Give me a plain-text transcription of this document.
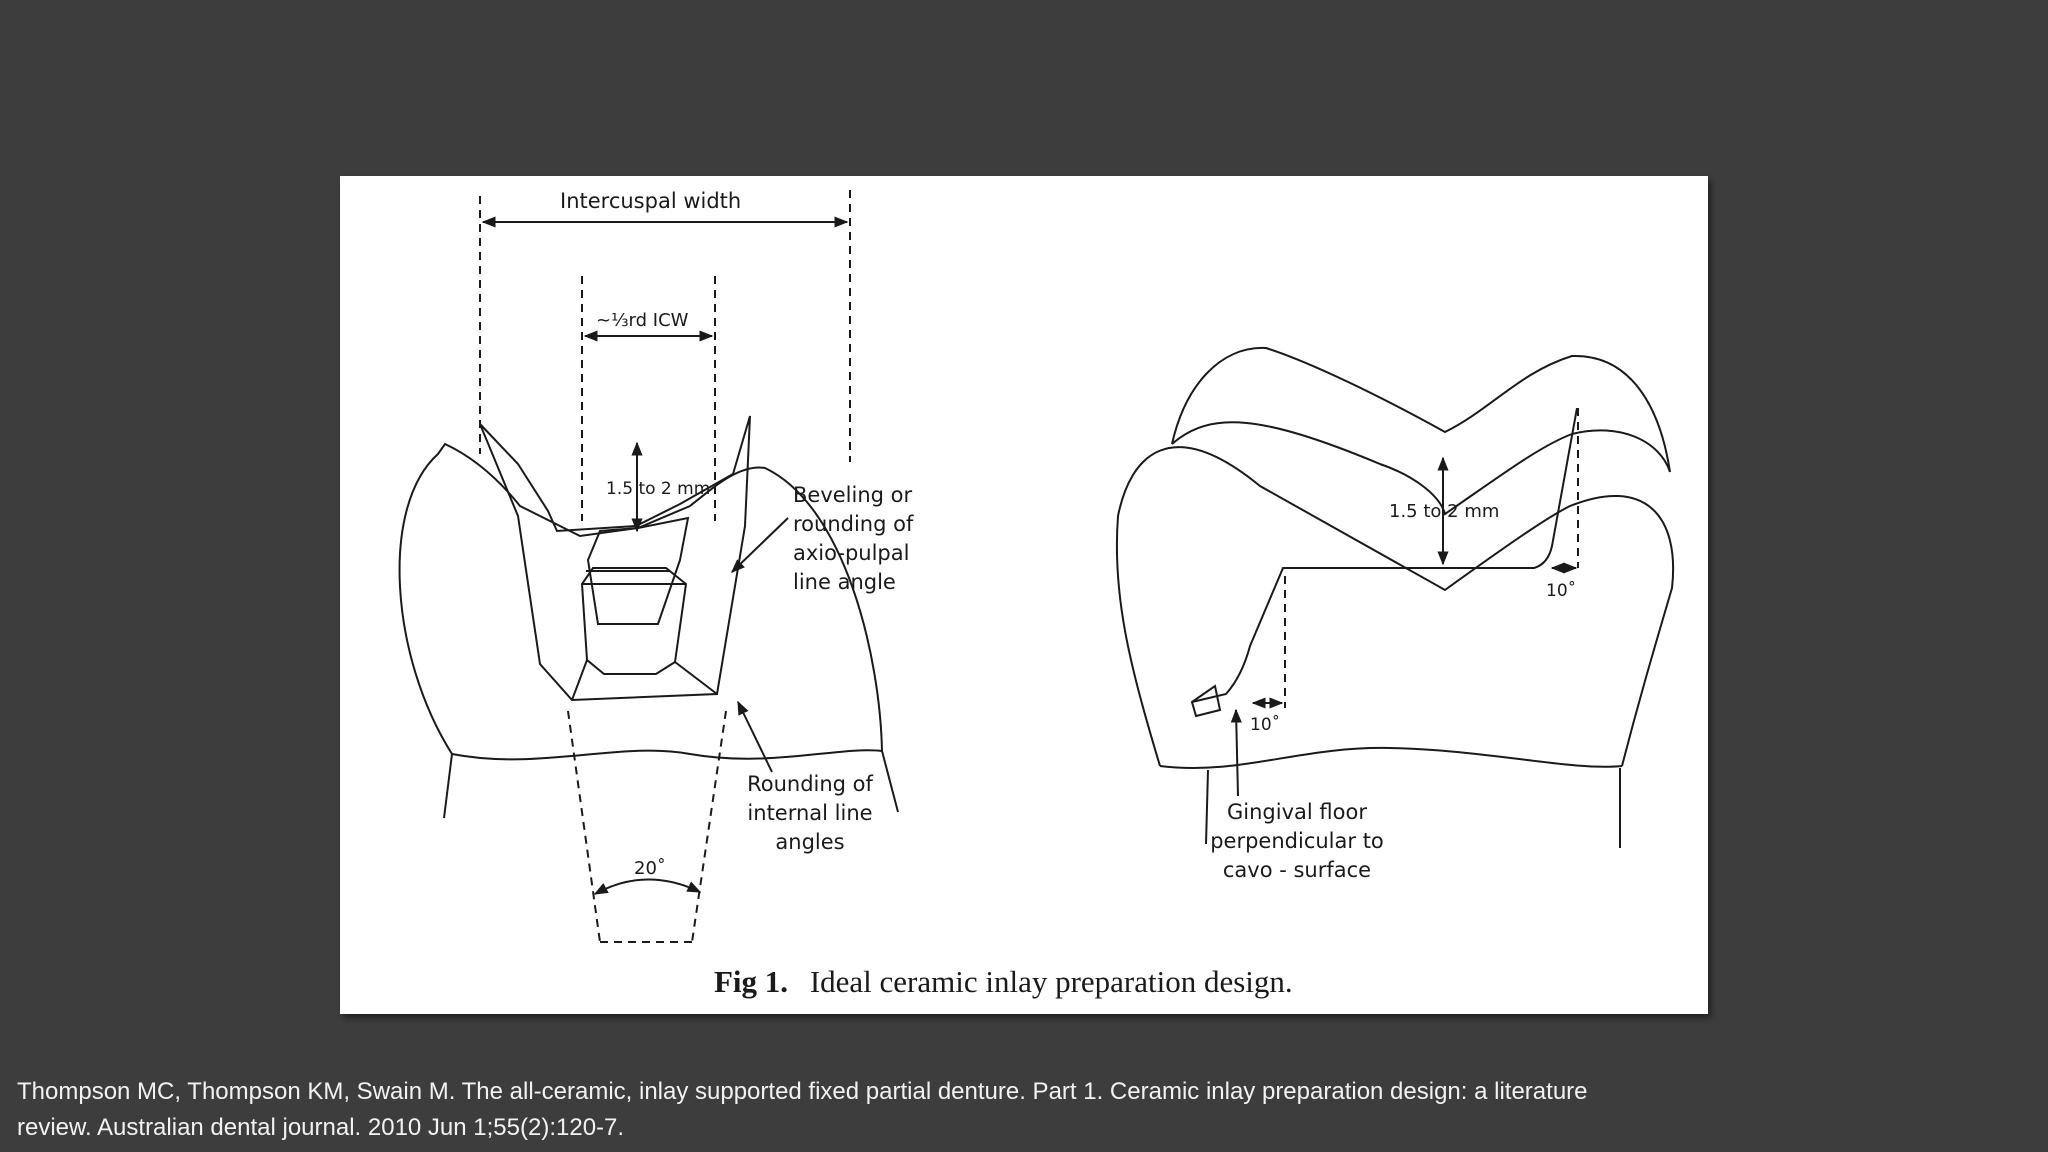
Intercuspal width
~⅓rd ICW
1.5 to 2 mm	Beveling or
rounding of
axio-pulpal
line angle
Rounding of
internal line
angles
20˚
1.5 to 2 mm
10˚
10˚
Gingival floor
perpendicular to
cavo - surface
Fig 1. Ideal ceramic inlay preparation design.
Thompson MC, Thompson KM, Swain M. The all-ceramic, inlay supported fixed partial denture. Part 1. Ceramic inlay preparation design: a literature review. Australian dental journal. 2010 Jun 1;55(2):120-7.
